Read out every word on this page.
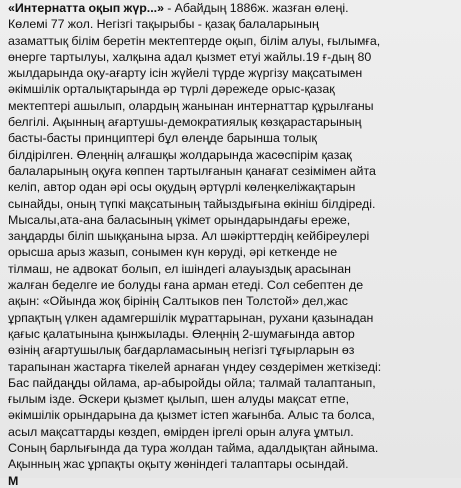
«Интернатта оқып жүр...» - Абайдың 1886ж. жазған өлеңі.
Көлемі 77 жол. Негізгі тақырыбы - қазақ балаларының
азаматтық білім беретін мектептерде оқып, білім алуы, ғылымға,
өнерге тартылуы, халқына адал қызмет етуі жайлы.19 ғ-дың 80
жылдарында оқу-ағарту ісін жүйелі түрде жүргізу мақсатымен
әкімшілік орталықтарында әр түрлі дәрежеде орыс-қазақ
мектептері ашылып, олардың жанынан интернаттар құрылғаны
белгілі. Ақынның ағартушы-демократиялық көзқарастарының
басты-басты принциптері бұл өлеңде барынша толық
білдірілген. Өлеңнің алғашқы жолдарында жасөспірім қазақ
балаларының оқуға көппен тартылғанын қанағат сезімімен айта
келіп, автор одан әрі осы оқудың әртүрлі көлеңкеліжақтарын
сынайды, оның түпкі мақсатының тайыздығына өкініш білдіреді.
Мысалы,ата-ана баласының үкімет орындарындағы ереже,
заңдарды біліп шыққанына ырза. Ал шәкірттердің кейбіреулері
орысша арыз жазып, сонымен күн көруді, әрі кеткенде не
тілмаш, не адвокат болып, ел ішіндегі алауыздық арасынан
жалған беделге ие болуды ғана арман етеді. Сол себептен де
ақын: «Ойында жоқ бірінің Салтыков пен Толстой» дел,жас
ұрпақтың үлкен адамгершілік мұраттарынан, рухани қазынадан
қағыс қалатынына қынжылады. Өлеңнің 2-шумағында автор
өзінің ағартушылық бағдарламасының негізгі тұғырларын өз
тарапынан жастарға тікелей арнаған үндеу сөздерімен жеткізеді:
Бас пайдаңды ойлама, ар-абыройды ойла; талмай талаптанып,
ғылым ізде. Әскери қызмет қылып, шен алуды мақсат етпе,
әкімшілік орындарына да қызмет істеп жағынба. Алыс та болса,
асыл мақсаттарды көздеп, өмірден іргелі орын алуға ұмтыл.
Соның барлығында да тура жолдан тайма, адалдықтан айныма.
Ақынның жас ұрпақты оқыту жөніндегі талаптары осындай.

M
